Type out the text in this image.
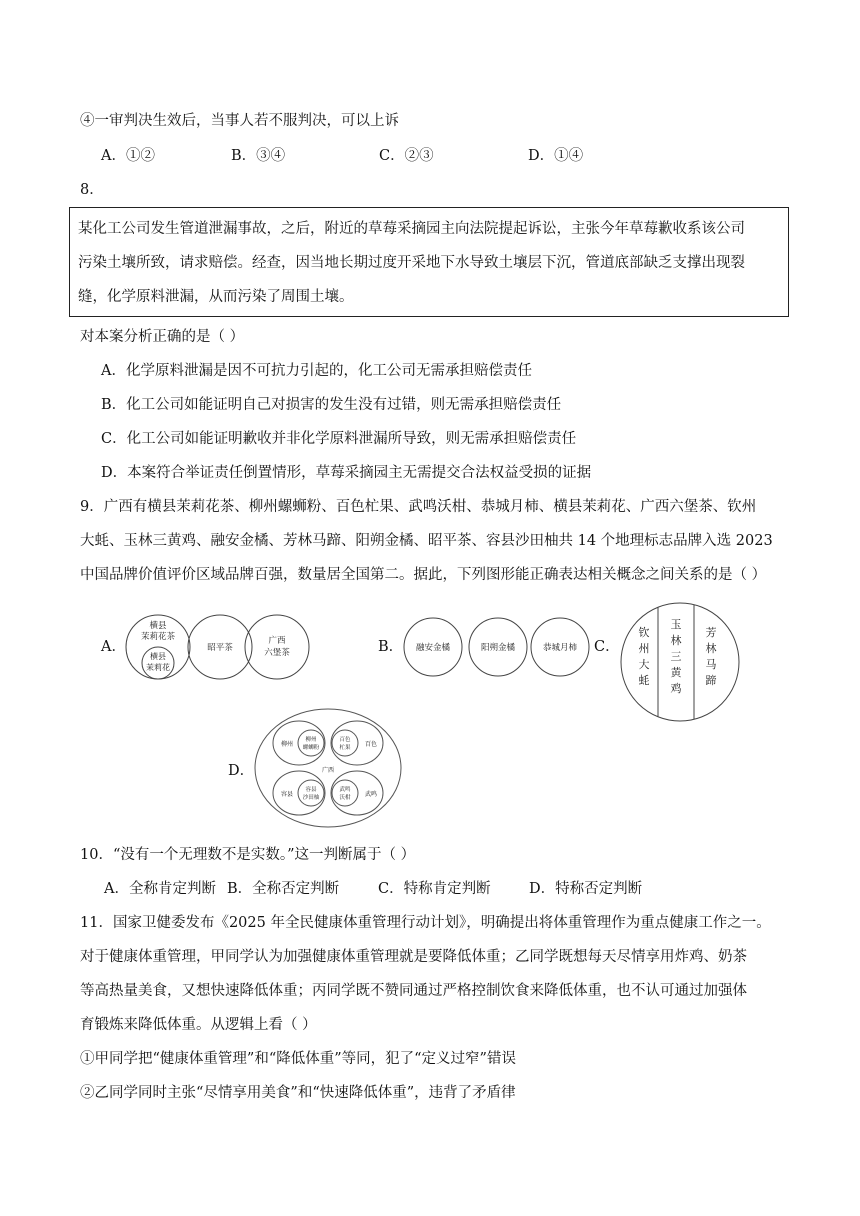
④一审判决生效后，当事人若不服判决，可以上诉
A．①②	B．③④	C．②③	D．①④
8．
某化工公司发生管道泄漏事故，之后，附近的草莓采摘园主向法院提起诉讼，主张今年草莓歉收系该公司
污染土壤所致，请求赔偿。经查，因当地长期过度开采地下水导致土壤层下沉，管道底部缺乏支撑出现裂
缝，化学原料泄漏，从而污染了周围土壤。
对本案分析正确的是（ ）
A．化学原料泄漏是因不可抗力引起的，化工公司无需承担赔偿责任
B．化工公司如能证明自己对损害的发生没有过错，则无需承担赔偿责任
C．化工公司如能证明歉收并非化学原料泄漏所导致，则无需承担赔偿责任
D．本案符合举证责任倒置情形，草莓采摘园主无需提交合法权益受损的证据
9．广西有横县茉莉花茶、柳州螺蛳粉、百色杧果、武鸣沃柑、恭城月柿、横县茉莉花、广西六堡茶、钦州
大蚝、玉林三黄鸡、融安金橘、芳林马蹄、阳朔金橘、昭平茶、容县沙田柚共 14 个地理标志品牌入选 2023
中国品牌价值评价区域品牌百强，数量居全国第二。据此，下列图形能正确表达相关概念之间关系的是（ ）
A．	B．	C．
D．
横县
茉莉花茶
横县
茉莉花
昭平茶
广西
六堡茶	融安金橘	阳朔金橘	恭城月柿
钦
州
大
蚝
玉
林
三
黄
鸡
芳
林
马
蹄
广西
柳州
柳州
螺蛳粉
百色
杧果 百色
容县
容县
沙田柚
武鸣
沃柑 武鸣
10．“没有一个无理数不是实数。”这一判断属于（ ）
A．全称肯定判断 B．全称否定判断	C．特称肯定判断	D．特称否定判断
11．国家卫健委发布《2025 年全民健康体重管理行动计划》，明确提出将体重管理作为重点健康工作之一。
对于健康体重管理，甲同学认为加强健康体重管理就是要降低体重；乙同学既想每天尽情享用炸鸡、奶茶
等高热量美食，又想快速降低体重；丙同学既不赞同通过严格控制饮食来降低体重，也不认可通过加强体
育锻炼来降低体重。从逻辑上看（ ）
①甲同学把“健康体重管理”和“降低体重”等同，犯了“定义过窄”错误
②乙同学同时主张“尽情享用美食”和“快速降低体重”，违背了矛盾律
